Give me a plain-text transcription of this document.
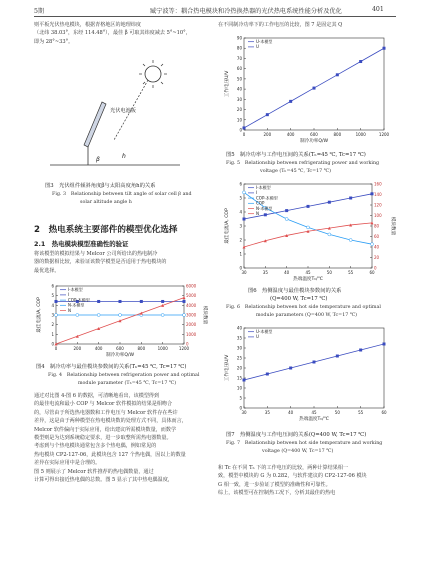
5期	臧宁波等：耦合热电模块和冷热换热器的光伏热电系统性能分析及优化	401
则平板光伏热电模块，根据青格地区的地理纬度
（北纬 38.03°，东经 114.48°），最佳 β 可取其纬度减去 5°~10°，
即为 28°~33°。
光伏电池板
h
β
图3　光伏组件倾斜角度β与太阳高度角h的关系
Fig. 3　Relationship between tilt angle of solar cell β and
solar altitude angle h
2　热电系统主要部件的模型优化选择
2.1　热电模块模型准确性的验证
将该模型的模拟结果与 Melcor 公司所给出的热电制冷
器的数据相比较，来验证该数学模型是否适用于热电模块的
最优选择。
0
1
2
3
4
5
6
0
1000
2000
3000
4000
5000
6000
0	200	400	600	800	1000	1200
制冷功率Q/W
最佳电流/A, COP	模块数量
I-本模型
I
COP-本模型
N-本模型
N
图4　制冷功率与最佳模块参数间的关系(Tₕ=45 ℃, Tc=17 ℃)
Fig. 4　Relationship between refrigeration power and optimal
module parameter (Tₕ=45 ℃, Tc=17 ℃)
通过对比图 4-图 6 的数据，可清晰地看出，该模型得到
的最佳电流和最小 COP 与 Melcor 软件模拟的结果是相吻合
的，尽管由于所选热电器数和工作电压与 Melcor 软件存在些许
差异，这是由于两种模型在热电模块数的处理方式不同，具体而言，
Melcor 软件偏向于实际应用，给出建议所需模块数量，而数学
模型则是为达到系统稳定要求，进一步取整所需热电器数量。
考虑到与个热电模块通常包含多个热电偶，例如常见的
热电模块 CP2-127-06，此模块包含 127 个热电偶，因以上的数量
差异在实际应用中是合理的。
图 5 则展示了 Melcor 软件推荐的热电偶数量，通过
计算可得出接近热电偶的总数。图 5 显示了其中热电偶温度，
在不同制冷功率下的工作电压的比较，图 7 是固定其 Q
0
10
20
30
40
50
60
70
80
90
0	200	400	600	800	1000	1200
制冷功率Q/W
工作电压U/V
U-本模型
U
图5　制冷功率与工作电压间的关系(Tₕ=45 ℃, Tc=17 ℃)
Fig. 5　Relationship between refrigerating power and working
voltage (Tₕ=45 ℃, Tc=17 ℃)
0
1
2
3
4
5
6
0
20
40
60
80
100
120
140
160
30	35	40	45	50	55	60
热端温度Tₕ/℃
最佳电流/A, COP	模块数量
I-本模型
I
COP-本模型
COP
N-本模型
N
图6　热侧温度与最佳模块参数间的关系
(Q=400 W, Tc=17 ℃)
Fig. 6　Relationship between hot side temperature and optimal
module parameters (Q=400 W, Tc=17 ℃)
0
5
10
15
20
25
30
35
40
30	35	40	45	50	55	60
热端温度Tₕ/℃
工作电压U/V
U-本模型
U
图7　热侧温度与工作电压间的关系(Q=400 W, Tc=17 ℃)
Fig. 7　Relationship between hot side temperature and working
voltage (Q=400 W, Tc=17 ℃)
和 Tc 在不同 Tₕ 下的工作电压的比较，两种计算结果相一
致，模型中模块的 G 为 0.282，与软件建议的 CP2-127-06 模块
G 相一致，进一步验证了模型的准确性和可靠性。
综上，该模型可在控制热工况下，分析其最佳的热电
